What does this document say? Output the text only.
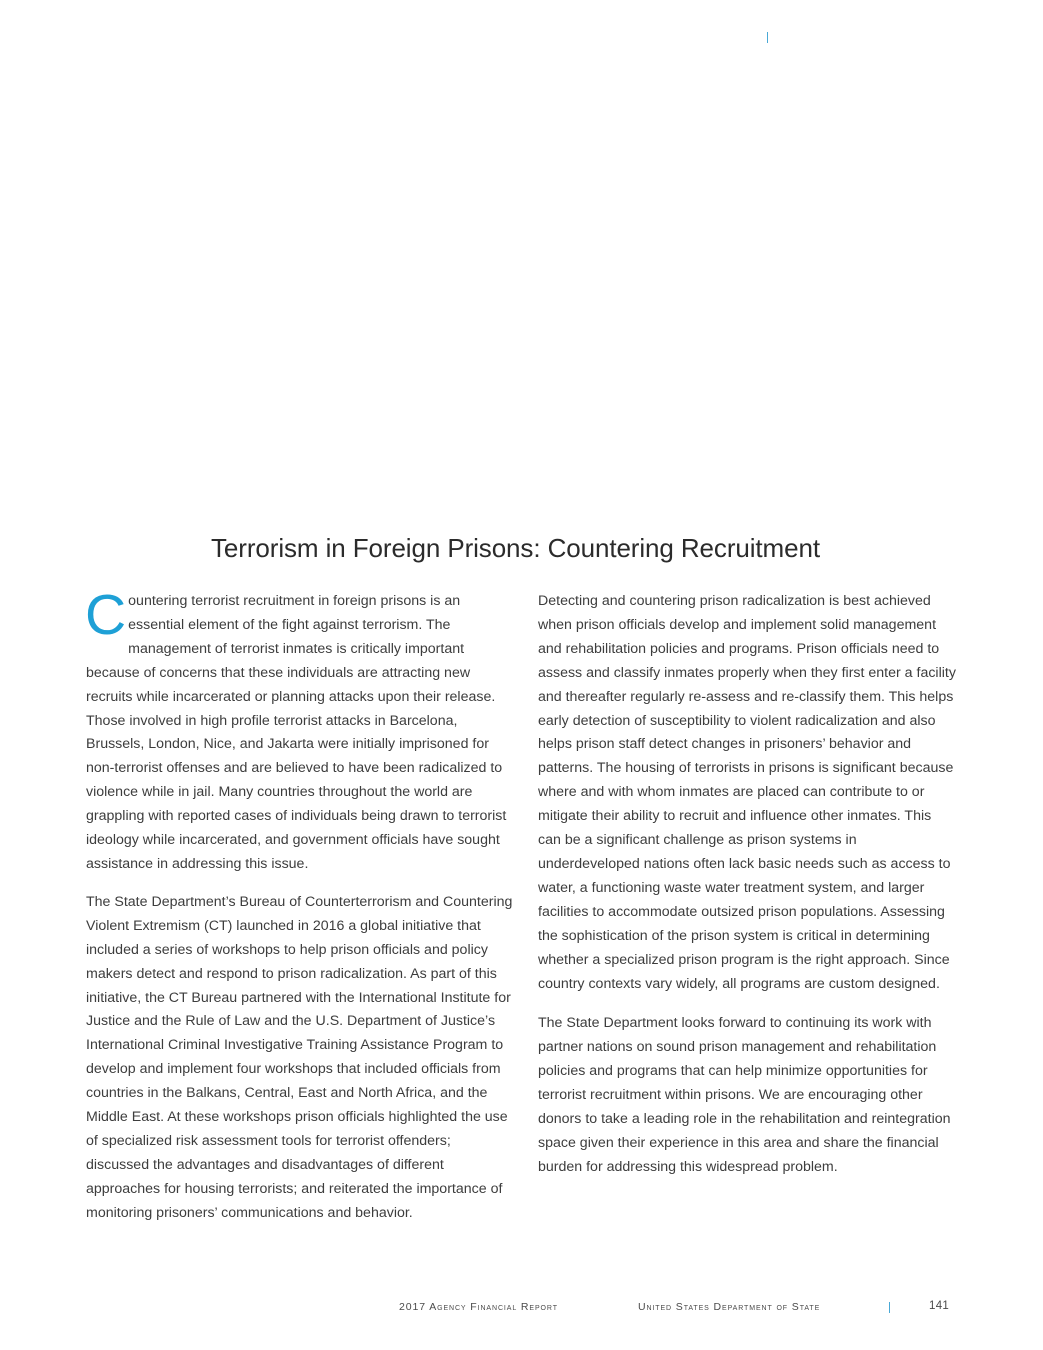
Terrorism in Foreign Prisons: Countering Recruitment

Countering terrorist recruitment in foreign prisons is an essential element of the fight against terrorism. The management of terrorist inmates is critically important because of concerns that these individuals are attracting new recruits while incarcerated or planning attacks upon their release. Those involved in high profile terrorist attacks in Barcelona, Brussels, London, Nice, and Jakarta were initially imprisoned for non-terrorist offenses and are believed to have been radicalized to violence while in jail. Many countries throughout the world are grappling with reported cases of individuals being drawn to terrorist ideology while incarcerated, and government officials have sought assistance in addressing this issue.

The State Department’s Bureau of Counterterrorism and Countering Violent Extremism (CT) launched in 2016 a global initiative that included a series of workshops to help prison officials and policy makers detect and respond to prison radicalization. As part of this initiative, the CT Bureau partnered with the International Institute for Justice and the Rule of Law and the U.S. Department of Justice’s International Criminal Investigative Training Assistance Program to develop and implement four workshops that included officials from countries in the Balkans, Central, East and North Africa, and the Middle East. At these workshops prison officials highlighted the use of specialized risk assessment tools for terrorist offenders; discussed the advantages and disadvantages of different approaches for housing terrorists; and reiterated the importance of monitoring prisoners’ communications and behavior.

Detecting and countering prison radicalization is best achieved when prison officials develop and implement solid management and rehabilitation policies and programs. Prison officials need to assess and classify inmates properly when they first enter a facility and thereafter regularly re-assess and re-classify them. This helps early detection of susceptibility to violent radicalization and also helps prison staff detect changes in prisoners’ behavior and patterns. The housing of terrorists in prisons is significant because where and with whom inmates are placed can contribute to or mitigate their ability to recruit and influence other inmates. This can be a significant challenge as prison systems in underdeveloped nations often lack basic needs such as access to water, a functioning waste water treatment system, and larger facilities to accommodate outsized prison populations. Assessing the sophistication of the prison system is critical in determining whether a specialized prison program is the right approach. Since country contexts vary widely, all programs are custom designed.

The State Department looks forward to continuing its work with partner nations on sound prison management and rehabilitation policies and programs that can help minimize opportunities for terrorist recruitment within prisons. We are encouraging other donors to take a leading role in the rehabilitation and reintegration space given their experience in this area and share the financial burden for addressing this widespread problem.

2017 Agency Financial Report	United States Department of State	141
